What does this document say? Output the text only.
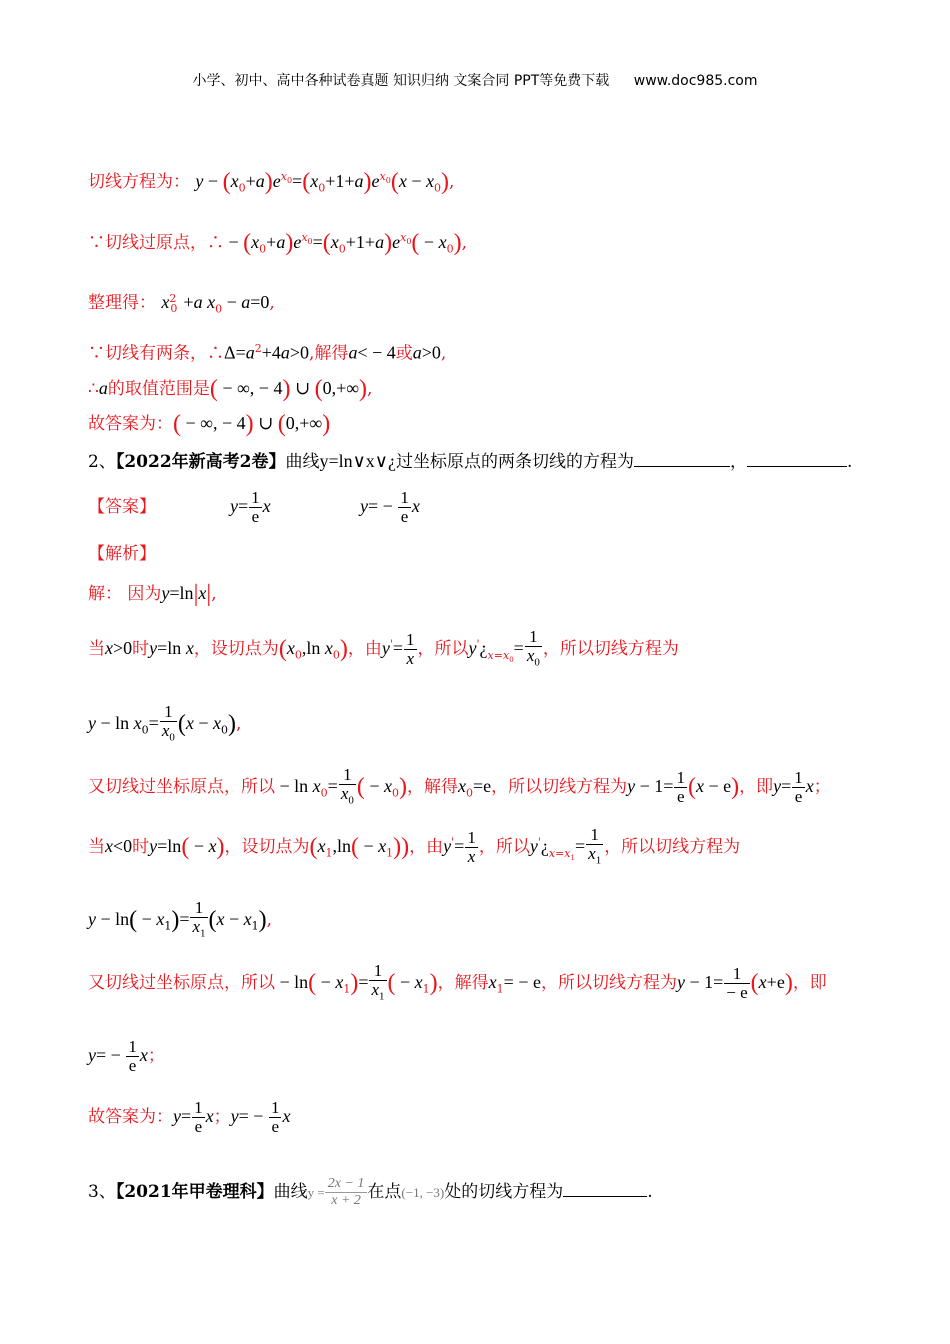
小学、初中、高中各种试卷真题 知识归纳 文案合同 PPT等免费下载 www.doc985.com
切线方程为： $y - (x_0+a)e^{x_0}=(x_0+1+a)e^{x_0}(x - x_0)$,
∵切线过原点，∴ − $(x_0+a)e^{x_0}=(x_0+1+a)e^{x_0}( - x_0)$,
整理得： $x_{20} +a$ $x_0 - a=0$,
∵切线有两条，$\therefore\Delta=a^2+4a>0$,解得a< − 4或a>0,
∴a的取值范围是( − ∞, − 4) ∪ (0,+∞),
故答案为：( − ∞, − 4) ∪ (0,+∞)
2、【2022年新高考2卷】曲线y=ln∨x∨¿过坐标原点的两条切线的方程为	，	.
【答案】	$y= \frac{1}{e}$ x	$y= - \frac{1}{e}$ x
【解析】
解： 因为y=ln|x|,
当x>0时y=ln x，设切点为($x_0,\ln$ $x_0$)，由$y'= \frac{1}{x}$ ，所以$y'¿_{x=x_0}= \frac{1}{x_0}$ ，所以切线方程为
$y - \ln x_0= \frac{1}{x_0} (x - x_0)$,
又切线过坐标原点，所以 − $\ln x_0= \frac{1}{x_0}$ ( − $x_0$)，解得$x_0=e$，所以切线方程为$y - 1= \frac{1}{e} (x - e)$，即$y= \frac{1}{e}$ x；
当x<0时y=ln( − x)，设切点为$(x_1,\ln( - x_1))$，由$y'= \frac{1}{x}$ ，所以$y'¿_{x=x_1}= \frac{1}{x_1}$ ，所以切线方程为
$y - \ln( - x_1)= \frac{1}{x_1} (x - x_1)$,
又切线过坐标原点，所以 − $\ln( - x_1)= \frac{1}{x_1}$ ( − $x_1$)，解得$x_1= - e$，所以切线方程为$y - 1= \frac{1}{- e} (x+e)$，即
$y= - \frac{1}{e}$ x；
故答案为：$y= \frac{1}{e}$ x；$y= - \frac{1}{e}$ x
3、【2021年甲卷理科】曲线$y = \frac{2x - 1}{x + 2}$ 在点(−1, −3)处的切线方程为	.
